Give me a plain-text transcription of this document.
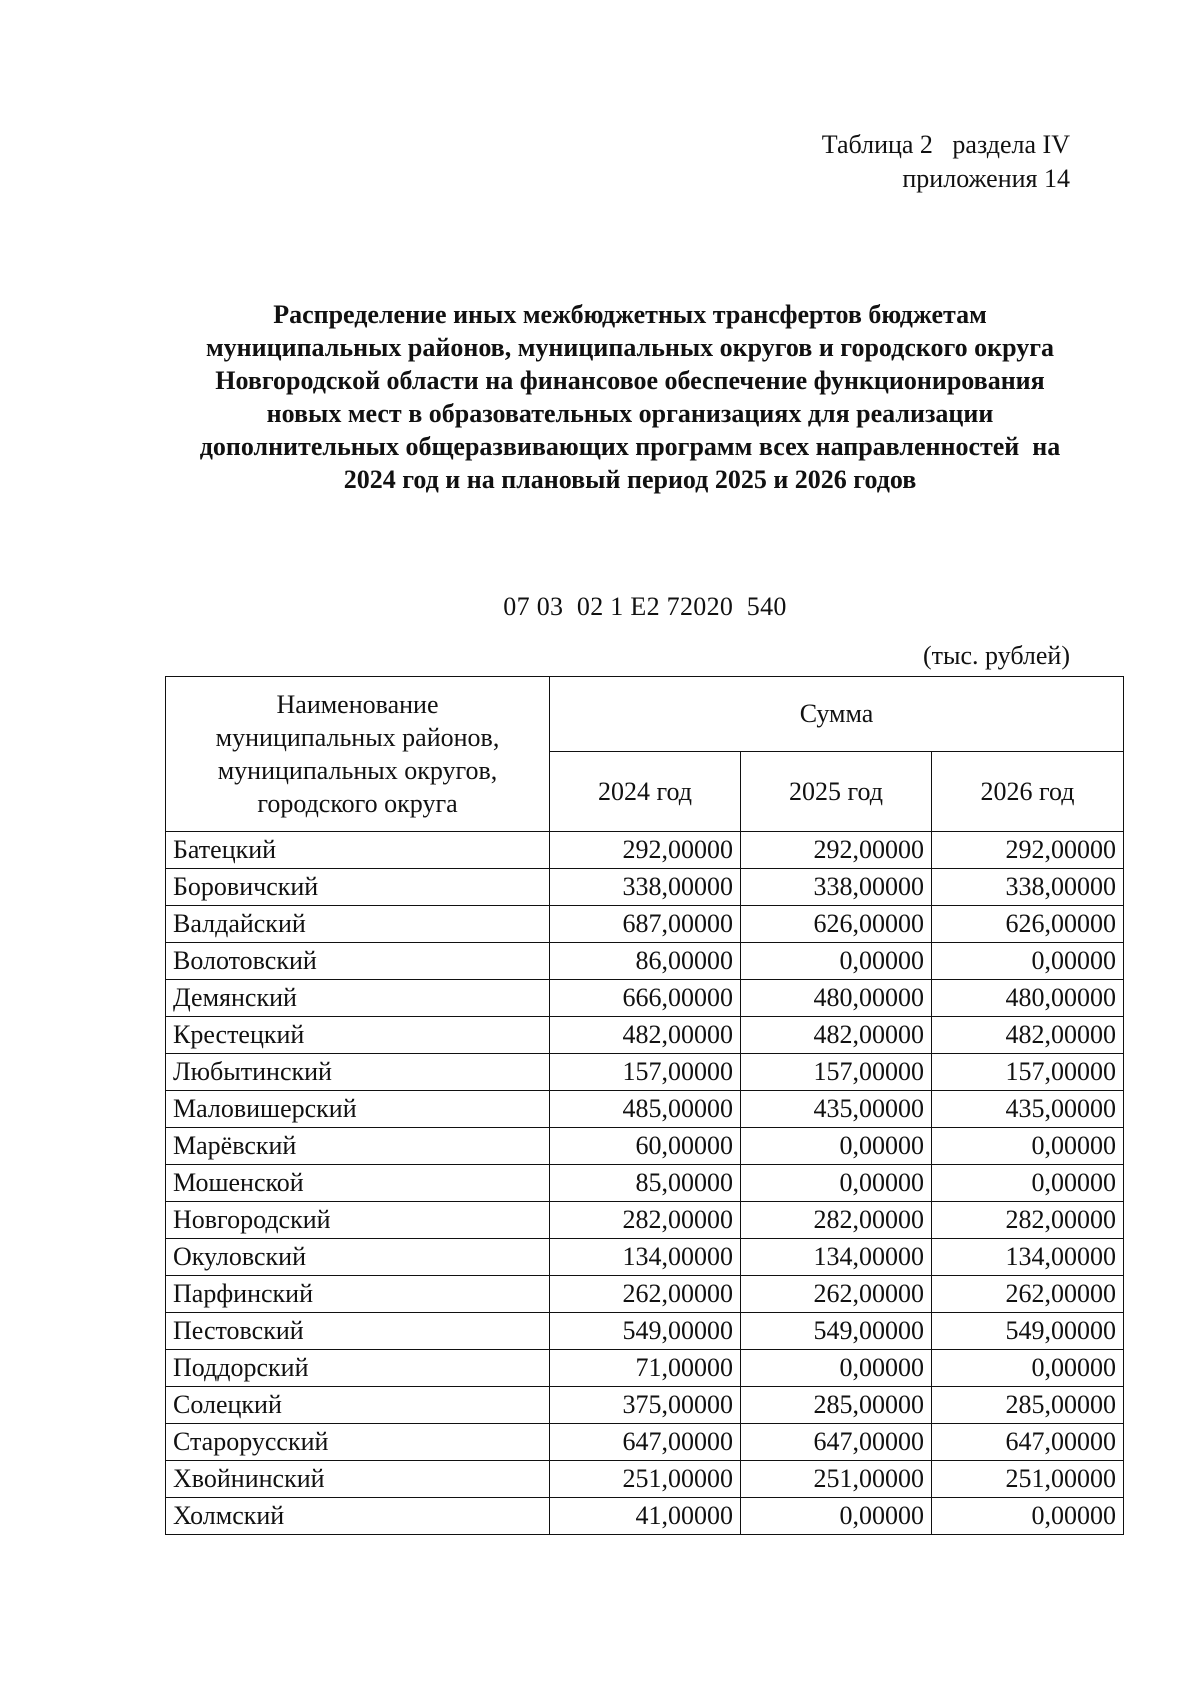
Таблица 2   раздела IV
приложения 14
Распределение иных межбюджетных трансфертов бюджетам
муниципальных районов, муниципальных округов и городского округа
Новгородской области на финансовое обеспечение функционирования
новых мест в образовательных организациях для реализации
дополнительных общеразвивающих программ всех направленностей  на
2024 год и на плановый период 2025 и 2026 годов
07 03  02 1 Е2 72020  540
(тыс. рублей)
Наименование
муниципальных районов,
муниципальных округов,
городского округа	Сумма		
	2024 год	2025 год	2026 год
Батецкий	292,00000	292,00000	292,00000
Боровичский	338,00000	338,00000	338,00000
Валдайский	687,00000	626,00000	626,00000
Волотовский	86,00000	0,00000	0,00000
Демянский	666,00000	480,00000	480,00000
Крестецкий	482,00000	482,00000	482,00000
Любытинский	157,00000	157,00000	157,00000
Маловишерский	485,00000	435,00000	435,00000
Марёвский	60,00000	0,00000	0,00000
Мошенской	85,00000	0,00000	0,00000
Новгородский	282,00000	282,00000	282,00000
Окуловский	134,00000	134,00000	134,00000
Парфинский	262,00000	262,00000	262,00000
Пестовский	549,00000	549,00000	549,00000
Поддорский	71,00000	0,00000	0,00000
Солецкий	375,00000	285,00000	285,00000
Старорусский	647,00000	647,00000	647,00000
Хвойнинский	251,00000	251,00000	251,00000
Холмский	41,00000	0,00000	0,00000
